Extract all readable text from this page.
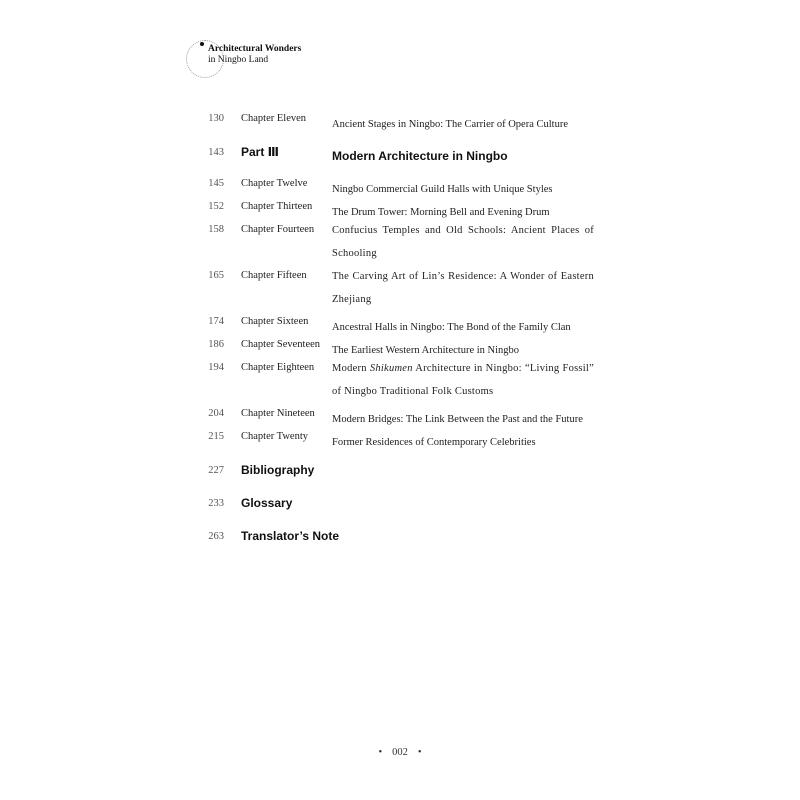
Architectural Wonders
in Ningbo Land
130 Chapter Eleven
Ancient Stages in Ningbo: The Carrier of Opera Culture
143 Part Ⅲ	Modern Architecture in Ningbo
145 Chapter Twelve
Ningbo Commercial Guild Halls with Unique Styles
152 Chapter Thirteen
The Drum Tower: Morning Bell and Evening Drum
158 Chapter Fourteen Confucius Temples and Old Schools: Ancient Places of Schooling
165 Chapter Fifteen The Carving Art of Lin’s Residence: A Wonder of Eastern Zhejiang
174 Chapter Sixteen
Ancestral Halls in Ningbo: The Bond of the Family Clan
186 Chapter Seventeen
The Earliest Western Architecture in Ningbo
194 Chapter Eighteen Modern Shikumen Architecture in Ningbo: “Living Fossil” of Ningbo Traditional Folk Customs
204 Chapter Nineteen
Modern Bridges: The Link Between the Past and the Future
215 Chapter Twenty
Former Residences of Contemporary Celebrities
227 Bibliography
233 Glossary
263 Translator’s Note
• 002 •
